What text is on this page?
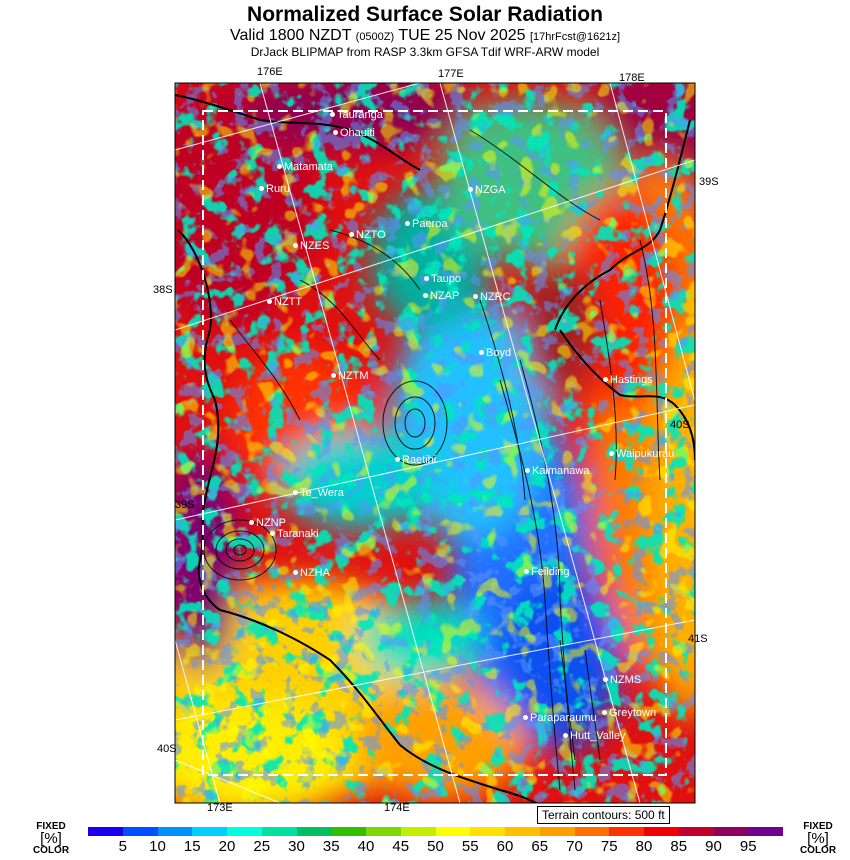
Normalized Surface Solar Radiation
Valid 1800 NZDT (0500Z) TUE 25 Nov 2025 [17hrFcst@1621z]
DrJack BLIPMAP from RASP 3.3km GFSA Tdif WRF-ARW model
176E	177E	178E
173E	174E
39S
38S
40S
39S
41S
40S
Tauranga
Ohauiti
Matamata
Ruru	NZGA
Paeroa
NZES
NZTO
Taupo
NZAP	NZRC
NZTT
Boyd
NZTM	Hastings
Raetihi	Waipukurau
Kaimanawa
Te_Wera
NZNP
Taranaki
NZHA	Feilding
NZMS
Paraparaumu	Greytown
Hutt_Valley
Terrain contours: 500 ft
FIXED
[%]
COLOR	5 10 15 20 25 30 35 40 45 50 55 60 65 70 75 80 85 90 95
FIXED
[%]
COLOR
